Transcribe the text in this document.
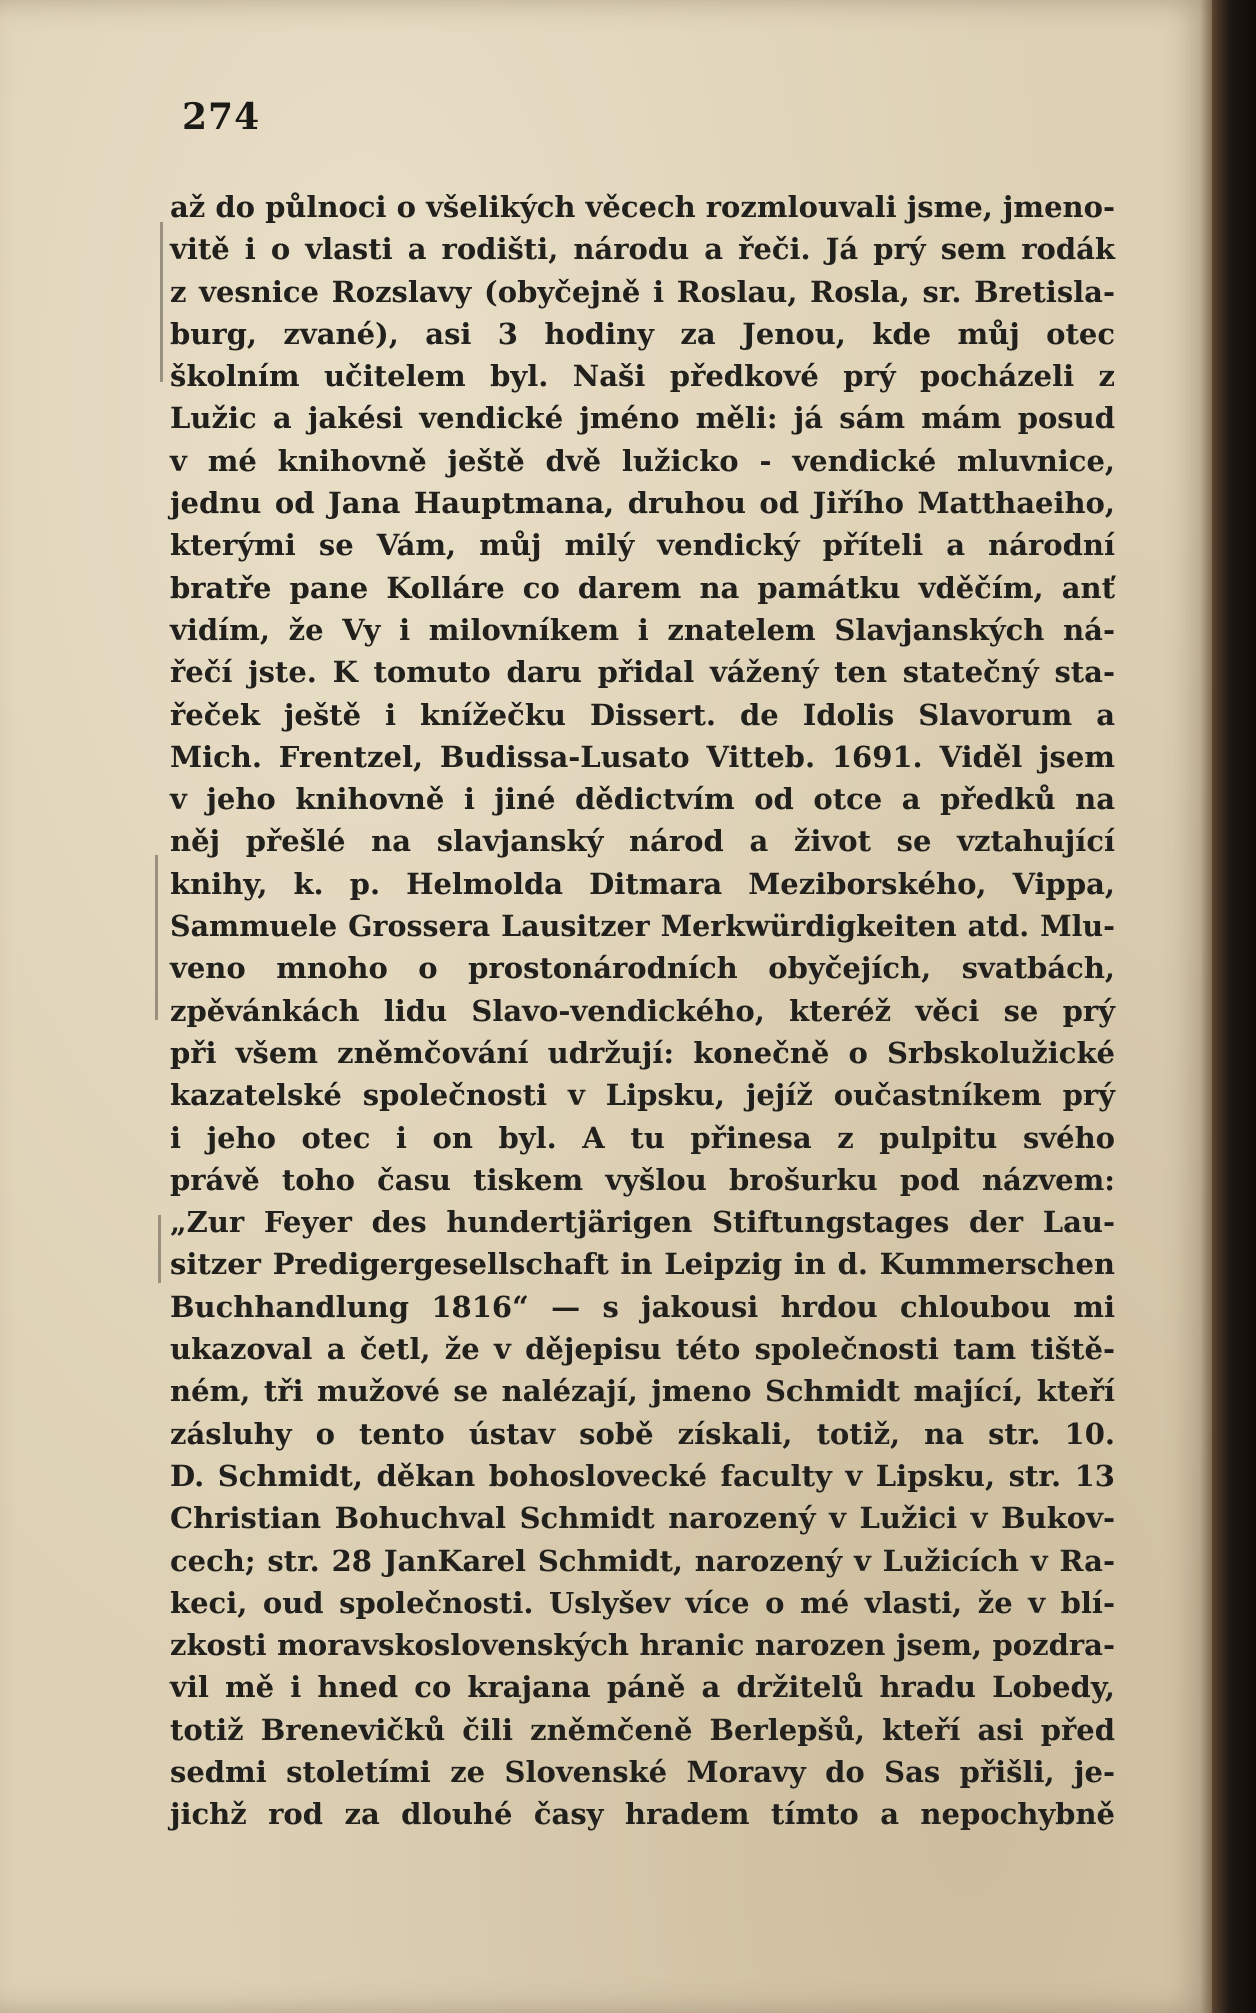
274
až do půlnoci o všelikých věcech rozmlouvali jsme, jmeno-
vitě i o vlasti a rodišti, národu a řeči. Já prý sem rodák
z vesnice Rozslavy (obyčejně i Roslau, Rosla, sr. Bretisla-
burg, zvané), asi 3 hodiny za Jenou, kde můj otec
školním učitelem byl. Naši předkové prý pocházeli z
Lužic a jakési vendické jméno měli: já sám mám posud
v mé knihovně ještě dvě lužicko - vendické mluvnice,
jednu od Jana Hauptmana, druhou od Jiřího Matthaeiho,
kterými se Vám, můj milý vendický příteli a národní
bratře pane Kolláre co darem na památku vděčím, anť
vidím, že Vy i milovníkem i znatelem Slavjanských ná-
řečí jste. K tomuto daru přidal vážený ten statečný sta-
řeček ještě i knížečku Dissert. de Idolis Slavorum a
Mich. Frentzel, Budissa-Lusato Vitteb. 1691. Viděl jsem
v jeho knihovně i jiné dědictvím od otce a předků na
něj přešlé na slavjanský národ a život se vztahující
knihy, k. p. Helmolda Ditmara Meziborského, Vippa,
Sammuele Grossera Lausitzer Merkwürdigkeiten atd. Mlu-
veno mnoho o prostonárodních obyčejích, svatbách,
zpěvánkách lidu Slavo-vendického, kteréž věci se prý
při všem zněmčování udržují: konečně o Srbskolužické
kazatelské společnosti v Lipsku, jejíž oučastníkem prý
i jeho otec i on byl. A tu přinesa z pulpitu svého
právě toho času tiskem vyšlou brošurku pod názvem:
„Zur Feyer des hundertjärigen Stiftungstages der Lau-
sitzer Predigergesellschaft in Leipzig in d. Kummerschen
Buchhandlung 1816“ — s jakousi hrdou chloubou mi
ukazoval a četl, že v dějepisu této společnosti tam tiště-
ném, tři mužové se nalézají, jmeno Schmidt mající, kteří
zásluhy o tento ústav sobě získali, totiž, na str. 10.
D. Schmidt, děkan bohoslovecké faculty v Lipsku, str. 13
Christian Bohuchval Schmidt narozený v Lužici v Bukov-
cech; str. 28 JanKarel Schmidt, narozený v Lužicích v Ra-
keci, oud společnosti. Uslyšev více o mé vlasti, že v blí-
zkosti moravskoslovenských hranic narozen jsem, pozdra-
vil mě i hned co krajana páně a držitelů hradu Lobedy,
totiž Brenevičků čili zněmčeně Berlepšů, kteří asi před
sedmi stoletími ze Slovenské Moravy do Sas přišli, je-
jichž rod za dlouhé časy hradem tímto a nepochybně
